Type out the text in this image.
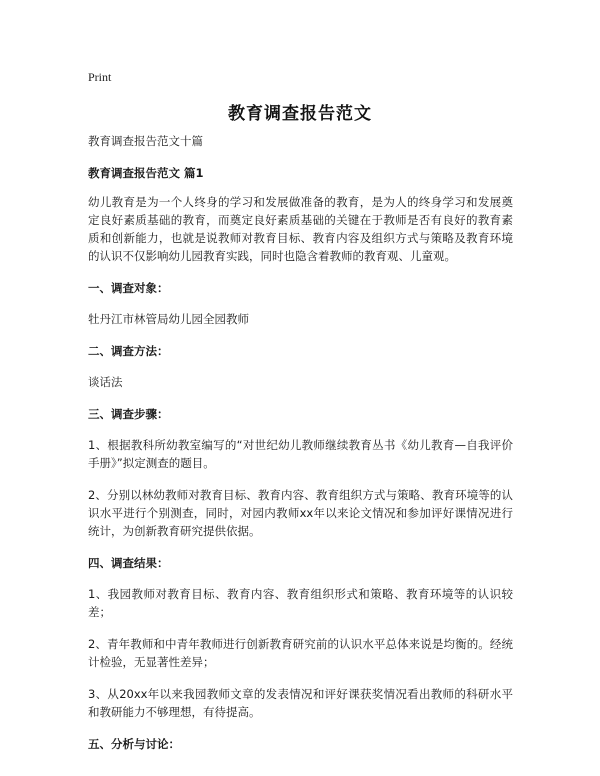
Print
教育调查报告范文

教育调查报告范文十篇

教育调查报告范文 篇1

幼儿教育是为一个人终身的学习和发展做准备的教育，是为人的终身学习和发展奠定良好素质基础的教育，而奠定良好素质基础的关键在于教师是否有良好的教育素质和创新能力，也就是说教师对教育目标、教育内容及组织方式与策略及教育环境的认识不仅影响幼儿园教育实践，同时也隐含着教师的教育观、儿童观。

一、调查对象：

牡丹江市林管局幼儿园全园教师

二、调查方法：

谈话法

三、调查步骤：

1、根据教科所幼教室编写的“对世纪幼儿教师继续教育丛书《幼儿教育—自我评价手册》”拟定测查的题目。

2、分别以林幼教师对教育目标、教育内容、教育组织方式与策略、教育环境等的认识水平进行个别测查，同时，对园内教师xx年以来论文情况和参加评好课情况进行统计，为创新教育研究提供依据。

四、调查结果：

1、我园教师对教育目标、教育内容、教育组织形式和策略、教育环境等的认识较差；

2、青年教师和中青年教师进行创新教育研究前的认识水平总体来说是均衡的。经统计检验，无显著性差异；

3、从20xx年以来我园教师文章的发表情况和评好课获奖情况看出教师的科研水平和教研能力不够理想，有待提高。

五、分析与讨论：
